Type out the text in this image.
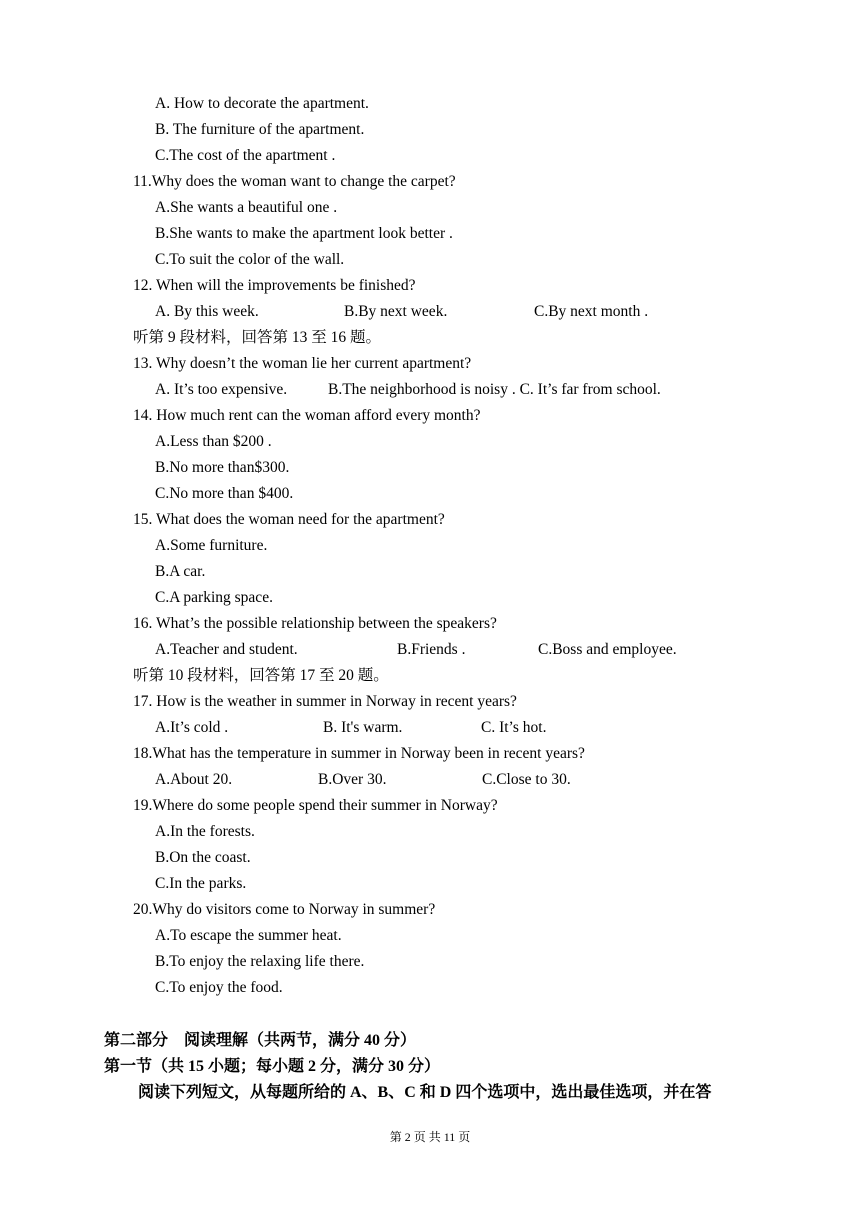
A. How to decorate the apartment.
B. The furniture of the apartment.
C.The cost of the apartment .
11.Why does the woman want to change the carpet?
A.She wants a beautiful one .
B.She wants to make the apartment look better .
C.To suit the color of the wall.
12. When will the improvements be finished?
A. By this week.	B.By next week.	C.By next month .
听第 9 段材料，回答第 13 至 16 题。
13. Why doesn’t the woman lie her current apartment?
A. It’s too expensive.	B.The neighborhood is noisy . C. It’s far from school.
14. How much rent can the woman afford every month?
A.Less than $200 .
B.No more than$300.
C.No more than $400.
15. What does the woman need for the apartment?
A.Some furniture.
B.A car.
C.A parking space.
16. What’s the possible relationship between the speakers?
A.Teacher and student.	B.Friends .	C.Boss and employee.
听第 10 段材料，回答第 17 至 20 题。
17. How is the weather in summer in Norway in recent years?
A.It’s cold .	B. It's warm.	C. It’s hot.
18.What has the temperature in summer in Norway been in recent years?
A.About 20.	B.Over 30.	C.Close to 30.
19.Where do some people spend their summer in Norway?
A.In the forests.
B.On the coast.
C.In the parks.
20.Why do visitors come to Norway in summer?
A.To escape the summer heat.
B.To enjoy the relaxing life there.
C.To enjoy the food.
第二部分　阅读理解（共两节，满分 40 分）
第一节（共 15 小题；每小题 2 分，满分 30 分）
阅读下列短文，从每题所给的 A、B、C 和 D 四个选项中，选出最佳选项，并在答
第 2 页 共 11 页
